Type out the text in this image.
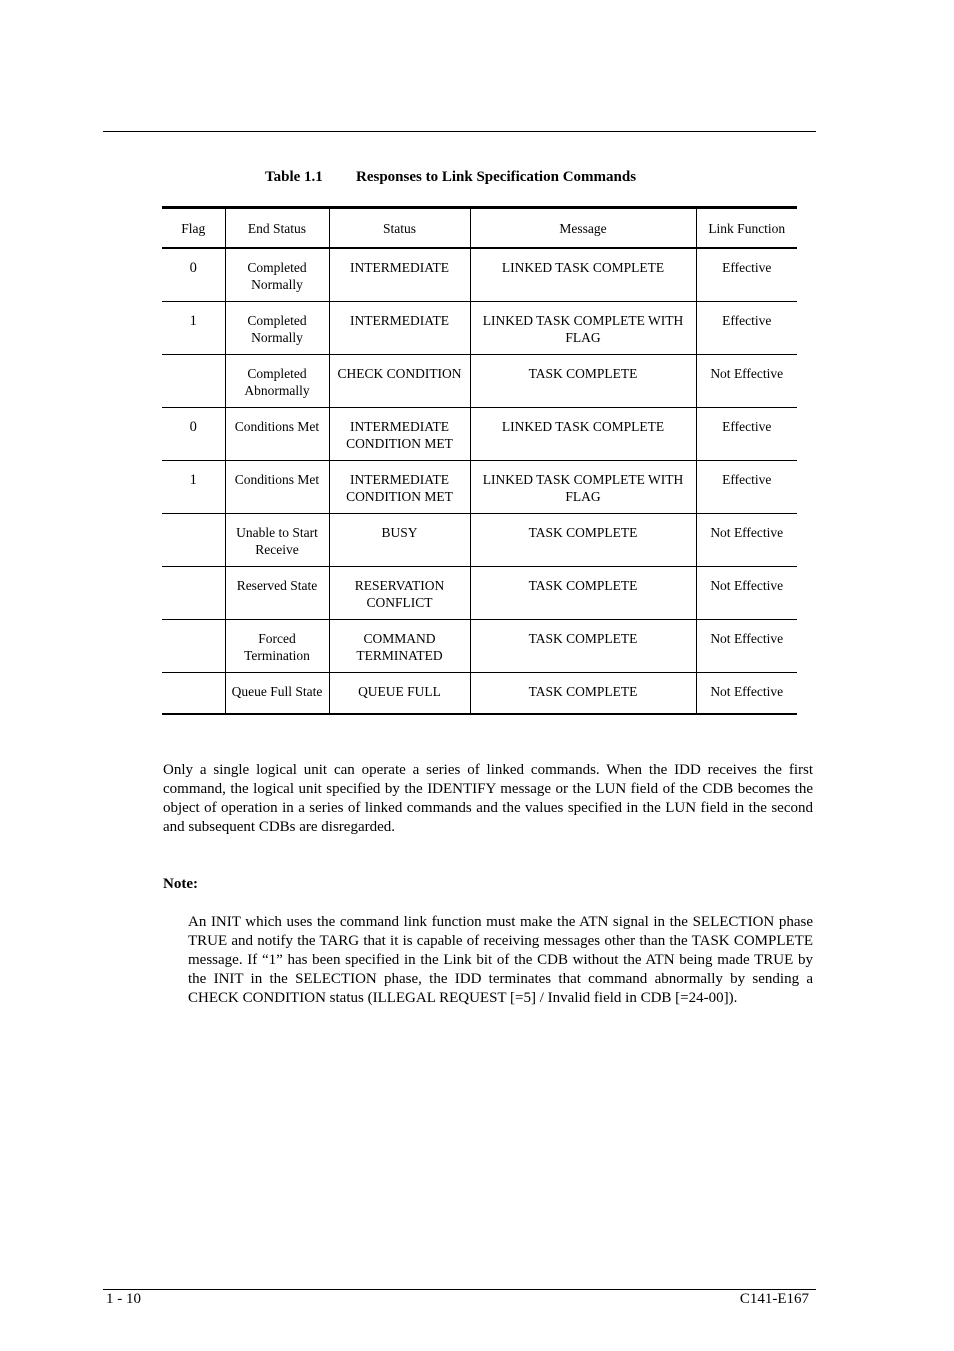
Table 1.1 Responses to Link Specification Commands
Flag	End Status	Status	Message	Link Function
0	Completed Normally	INTERMEDIATE	LINKED TASK COMPLETE	Effective
1	Completed Normally	INTERMEDIATE	LINKED TASK COMPLETE WITH FLAG	Effective
	Completed Abnormally	CHECK CONDITION	TASK COMPLETE	Not Effective
0	Conditions Met	INTERMEDIATE CONDITION MET	LINKED TASK COMPLETE	Effective
1	Conditions Met	INTERMEDIATE CONDITION MET	LINKED TASK COMPLETE WITH FLAG	Effective
	Unable to Start Receive	BUSY	TASK COMPLETE	Not Effective
	Reserved State	RESERVATION CONFLICT	TASK COMPLETE	Not Effective
	Forced Termination	COMMAND TERMINATED	TASK COMPLETE	Not Effective
	Queue Full State	QUEUE FULL	TASK COMPLETE	Not Effective

Only a single logical unit can operate a series of linked commands. When the IDD receives the first command, the logical unit specified by the IDENTIFY message or the LUN field of the CDB becomes the object of operation in a series of linked commands and the values specified in the LUN field in the second and subsequent CDBs are disregarded.

Note:

An INIT which uses the command link function must make the ATN signal in the SELECTION phase TRUE and notify the TARG that it is capable of receiving messages other than the TASK COMPLETE message. If “1” has been specified in the Link bit of the CDB without the ATN being made TRUE by the INIT in the SELECTION phase, the IDD terminates that command abnormally by sending a CHECK CONDITION status (ILLEGAL REQUEST [=5] / Invalid field in CDB [=24-00]).

1 - 10	C141-E167
